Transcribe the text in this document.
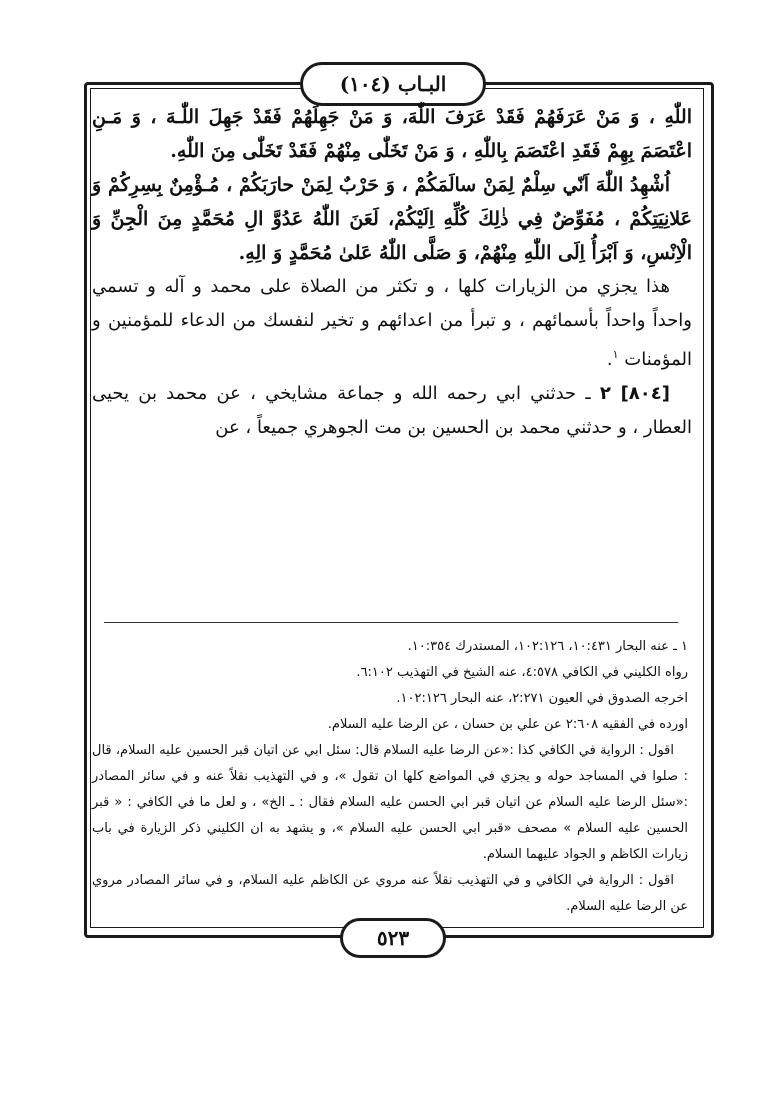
البـاب (١٠٤)

اللّٰهِ ، وَ مَنْ عَرَفَهُمْ فَقَدْ عَرَفَ اللّٰهَ، وَ مَنْ جَهِلَهُمْ فَقَدْ جَهِلَ اللّٰـهَ ، وَ مَـنِ اعْتَصَمَ بِهِمْ فَقَدِ اعْتَصَمَ بِاللّٰهِ ، وَ مَنْ تَخَلّٰى مِنْهُمْ فَقَدْ تَخَلّٰى مِنَ اللّٰهِ.

اُشْهِدُ اللّٰهَ اَنّي سِلْمٌ لِمَنْ سالَمَكُمْ ، وَ حَرْبٌ لِمَنْ حارَبَكُمْ ، مُـؤْمِنٌ بِسِرِكُمْ وَ عَلانِيَتِكُمْ ، مُفَوِّضٌ فِي ذٰلِكَ كُلِّهِ اِلَيْكُمْ، لَعَنَ اللّٰهُ عَدُوَّ الِ مُحَمَّدٍ مِنَ الْجِنِّ وَ الْاِنْسِ، وَ اَبْرَأُ اِلَى اللّٰهِ مِنْهُمْ، وَ صَلَّى اللّٰهُ عَلىٰ مُحَمَّدٍ وَ الِهِ.

هذا يجزي من الزيارات كلها ، و تكثر من الصلاة على محمد و آله و تسمي واحداً واحداً بأسمائهم ، و تبرأ من اعدائهم و تخير لنفسك من الدعاء للمؤمنين و المؤمنات $^١$.

[٨٠٤] ٢ ـ حدثني ابي رحمه الله و جماعة مشايخي ، عن محمد بن يحيى العطار ، و حدثني محمد بن الحسين بن مت الجوهري جميعاً ، عن

١ ـ عنه البحار ١٠:٤٣١، ١٠٢:١٢٦، المستدرك ١٠:٣٥٤.

رواه الكليني في الكافي ٤:٥٧٨، عنه الشيخ في التهذيب ٦:١٠٢.

اخرجه الصدوق في العيون ٢:٢٧١، عنه البحار ١٠٢:١٢٦.

اورده في الفقيه ٢:٦٠٨ عن علي بن حسان ، عن الرضا عليه السلام.

اقول : الرواية في الكافي كذا :«عن الرضا عليه السلام قال: سئل ابي عن اتيان قبر الحسين عليه السلام، قال : صلوا في المساجد حوله و يجزي في المواضع كلها ان تقول »، و في التهذيب نقلاً عنه و في سائر المصادر :«سئل الرضا عليه السلام عن اتيان قبر ابي الحسن عليه السلام فقال : ـ الخ» ، و لعل ما في الكافي : « قبر الحسين عليه السلام » مصحف «قبر ابي الحسن عليه السلام »، و يشهد به ان الكليني ذكر الزيارة في باب زيارات الكاظم و الجواد عليهما السلام.

اقول : الرواية في الكافي و في التهذيب نقلاً عنه مروي عن الكاظم عليه السلام، و في سائر المصادر مروي عن الرضا عليه السلام.

٥٢٣
